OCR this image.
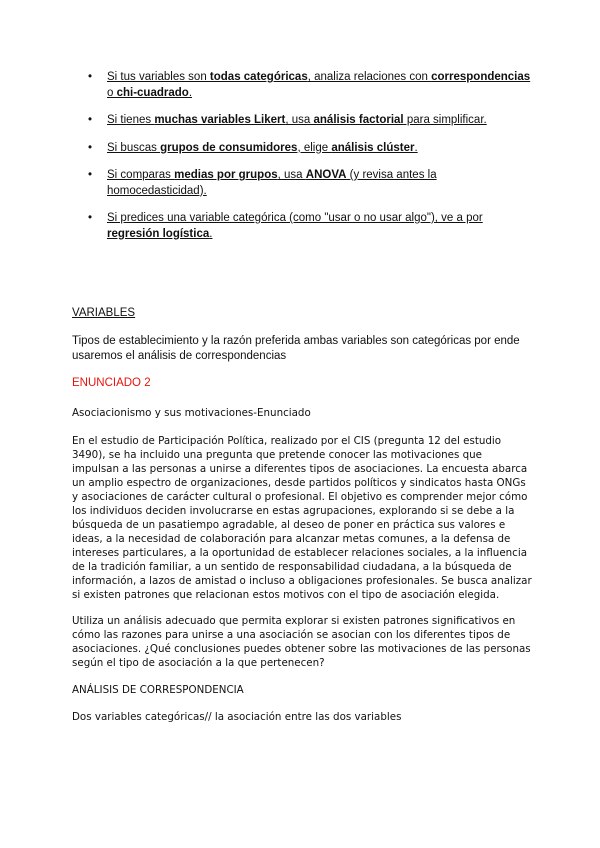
• Si tus variables son todas categóricas, analiza relaciones con correspondencias o chi-cuadrado.
• Si tienes muchas variables Likert, usa análisis factorial para simplificar.
• Si buscas grupos de consumidores, elige análisis clúster.
• Si comparas medias por grupos, usa ANOVA (y revisa antes la homocedasticidad).
• Si predices una variable categórica (como "usar o no usar algo"), ve a por regresión logística.

VARIABLES

Tipos de establecimiento y la razón preferida ambas variables son categóricas por ende usaremos el análisis de correspondencias

ENUNCIADO 2

Asociacionismo y sus motivaciones-Enunciado

En el estudio de Participación Política, realizado por el CIS (pregunta 12 del estudio 3490), se ha incluido una pregunta que pretende conocer las motivaciones que impulsan a las personas a unirse a diferentes tipos de asociaciones. La encuesta abarca un amplio espectro de organizaciones, desde partidos políticos y sindicatos hasta ONGs y asociaciones de carácter cultural o profesional. El objetivo es comprender mejor cómo los individuos deciden involucrarse en estas agrupaciones, explorando si se debe a la búsqueda de un pasatiempo agradable, al deseo de poner en práctica sus valores e ideas, a la necesidad de colaboración para alcanzar metas comunes, a la defensa de intereses particulares, a la oportunidad de establecer relaciones sociales, a la influencia de la tradición familiar, a un sentido de responsabilidad ciudadana, a la búsqueda de información, a lazos de amistad o incluso a obligaciones profesionales. Se busca analizar si existen patrones que relacionan estos motivos con el tipo de asociación elegida.

Utiliza un análisis adecuado que permita explorar si existen patrones significativos en cómo las razones para unirse a una asociación se asocian con los diferentes tipos de asociaciones. ¿Qué conclusiones puedes obtener sobre las motivaciones de las personas según el tipo de asociación a la que pertenecen?

ANÁLISIS DE CORRESPONDENCIA

Dos variables categóricas// la asociación entre las dos variables
